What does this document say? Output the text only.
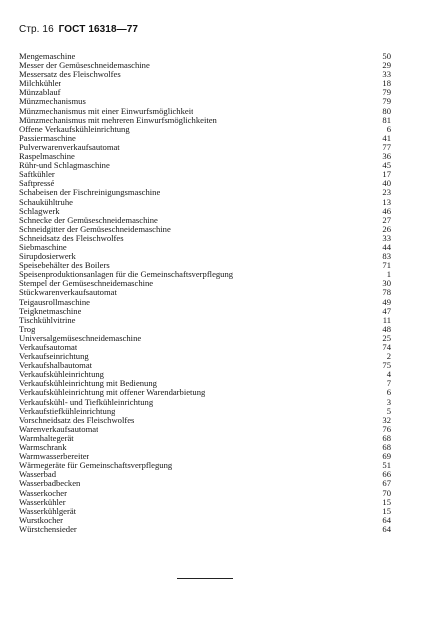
Стр. 16 ГОСТ 16318—77
Mengemaschine	50
Messer der Gemüseschneidemaschine	29
Messersatz des Fleischwolfes	33
Milchkühler	18
Münzablauf	79
Münzmechanismus	79
Münzmechanismus mit einer Einwurfsmöglichkeit	80
Münzmechanismus mit mehreren Einwurfsmöglichkeiten	81
Offene Verkaufskühleinrichtung	6
Passiermaschine	41
Pulverwarenverkaufsautomat	77
Raspelmaschine	36
Rühr-und Schlagmaschine	45
Saftkühler	17
Saftpressé	40
Schabeisen der Fischreinigungsmaschine	23
Schaukühltruhe	13
Schlagwerk	46
Schnecke der Gemüseschneidemaschine	27
Schneidgitter der Gemüseschneidemaschine	26
Schneidsatz des Fleischwolfes	33
Siebmaschine	44
Sirupdosierwerk	83
Speisebehälter des Boilers	71
Speisenproduktionsanlagen für die Gemeinschaftsverpflegung	1
Stempel der Gemüseschneidemaschine	30
Stückwarenverkaufsautomat	78
Teigausrollmaschine	49
Teigknetmaschine	47
Tischkühlvitrine	11
Trog	48
Universalgemüseschneidemaschine	25
Verkaufsautomat	74
Verkaufseinrichtung	2
Verkaufshalbautomat	75
Verkaufskühleinrichtung	4
Verkaufskühleinrichtung mit Bedienung	7
Verkaufskühleinrichtung mit offener Warendarbietung	6
Verkaufskühl- und Tiefkühleinrichtung	3
Verkaufstiefkühleinrichtung	5
Vorschneidsatz des Fleischwolfes	32
Warenverkaufsautomat	76
Warmhaltegerät	68
Warmschrank	68
Warmwasserbereiter	69
Wärmegeräte für Gemeinschaftsverpflegung	51
Wasserbad	66
Wasserbadbecken	67
Wasserkocher	70
Wasserkühler	15
Wasserkühlgerät	15
Wurstkocher	64
Würstchensieder	64
